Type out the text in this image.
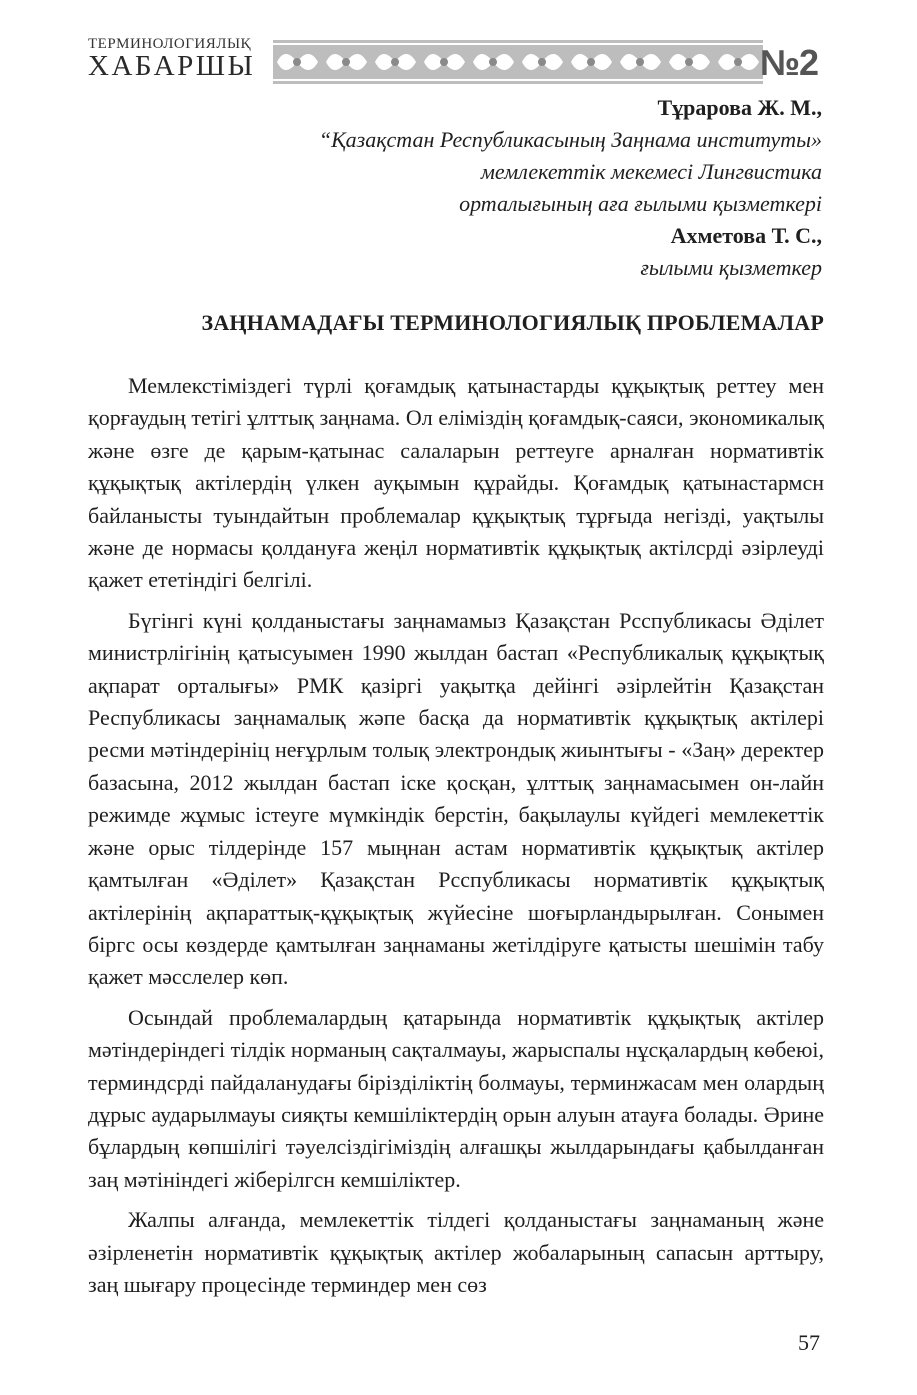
ТЕРМИНОЛОГИЯЛЫҚ
ХАБАРШЫ	№2
Тұрарова Ж. М.,
“Қазақстан Республикасының Заңнама институты»
мемлекеттік мекемесі Лингвистика
орталығының аға ғылыми қызметкері
Ахметова Т. С.,
ғылыми қызметкер
ЗАҢНАМАДАҒЫ ТЕРМИНОЛОГИЯЛЫҚ ПРОБЛЕМАЛАР

Мемлекстіміздегі түрлі қоғамдық қатынастарды құқықтық реттеу мен қорғаудың тетігі ұлттық заңнама. Ол еліміздің қоғамдық-саяси, экономикалық және өзге де қарым-қатынас салаларын реттеуге арналған нормативтік құқықтық актілердің үлкен ауқымын құрайды. Қоғамдық қатынастармсн байланысты туындайтын проблемалар құқықтық тұрғыда негізді, уақтылы және де нормасы қолдануға жеңіл нормативтік құқықтық актілсрді әзірлеуді қажет ететіндігі белгілі.

Бүгінгі күні қолданыстағы заңнамамыз Қазақстан Рсспубликасы Әділет министрлігінің қатысуымен 1990 жылдан бастап «Республикалық құқықтық ақпарат орталығы» РМК қазіргі уақытқа дейінгі әзірлейтін Қазақстан Республикасы заңнамалық жәпе басқа да нормативтік құқықтық актілері ресми мәтіндерініц неғұрлым толық электрондық жиынтығы - «Заң» деректер базасына, 2012 жылдан бастап іске қосқан, ұлттық заңнамасымен он-лайн режимде жұмыс істеуге мүмкіндік берстін, бақылаулы күйдегі мемлекеттік және орыс тілдерінде 157 мыңнан астам нормативтік құқықтық актілер қамтылған «Әділет» Қазақстан Рсспубликасы нормативтік құқықтық актілерінің ақпараттық-құқықтық жүйесіне шоғырландырылған. Сонымен біргс осы көздерде қамтылған заңнаманы жетілдіруге қатысты шешімін табу қажет мәсслелер көп.

Осындай проблемалардың қатарында нормативтік құқықтық актілер мәтіндеріндегі тілдік норманың сақталмауы, жарыспалы нұсқалардың көбеюі, терминдсрді пайдаланудағы бірізділіктің болмауы, терминжасам мен олардың дұрыс аударылмауы сияқты кемшіліктердің орын алуын атауға болады. Әрине бұлардың көпшілігі тәуелсіздігіміздің алғашқы жылдарындағы қабылданған заң мәтініндегі жіберілгсн кемшіліктер.

Жалпы алғанда, мемлекеттік тілдегі қолданыстағы заңнаманың және әзірленетін нормативтік құқықтық актілер жобаларының сапасын арттыру, заң шығару процесінде терминдер мен сөз

57
